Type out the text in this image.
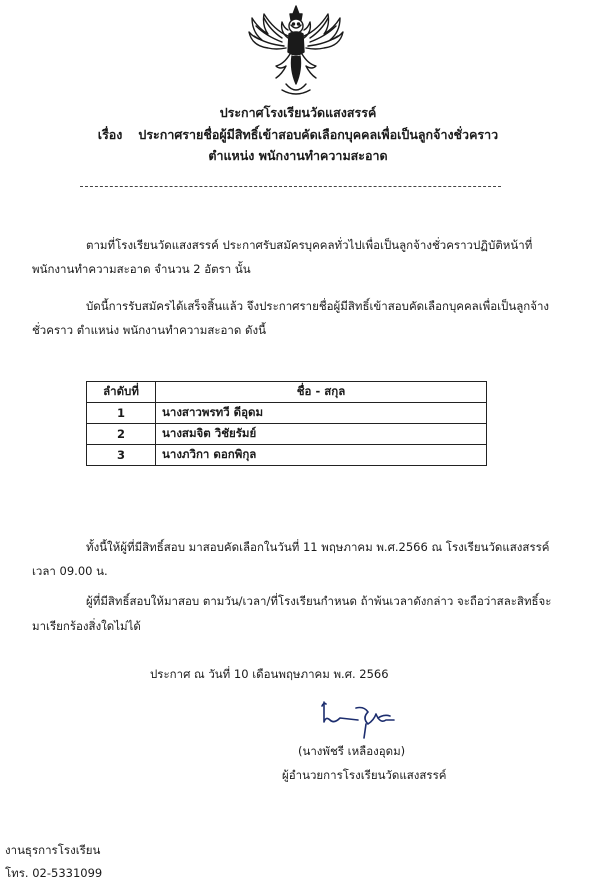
ประกาศโรงเรียนวัดแสงสรรค์
เรื่อง ประกาศรายชื่อผู้มีสิทธิ์เข้าสอบคัดเลือกบุคคลเพื่อเป็นลูกจ้างชั่วคราว
ตำแหน่ง พนักงานทำความสะอาด
ตามที่โรงเรียนวัดแสงสรรค์ ประกาศรับสมัครบุคคลทั่วไปเพื่อเป็นลูกจ้างชั่วคราวปฏิบัติหน้าที่
พนักงานทำความสะอาด จำนวน 2 อัตรา นั้น
บัดนี้การรับสมัครได้เสร็จสิ้นแล้ว จึงประกาศรายชื่อผู้มีสิทธิ์เข้าสอบคัดเลือกบุคคลเพื่อเป็นลูกจ้าง
ชั่วคราว ตำแหน่ง พนักงานทำความสะอาด ดังนี้
ลำดับที่	ชื่อ - สกุล
1	นางสาวพรทวี ดีอุดม
2	นางสมจิต วิชัยรัมย์
3	นางภวิกา ดอกพิกุล
ทั้งนี้ให้ผู้ที่มีสิทธิ์สอบ มาสอบคัดเลือกในวันที่ 11 พฤษภาคม พ.ศ.2566 ณ โรงเรียนวัดแสงสรรค์
เวลา 09.00 น.
ผู้ที่มีสิทธิ์สอบให้มาสอบ ตามวัน/เวลา/ที่โรงเรียนกำหนด ถ้าพ้นเวลาดังกล่าว จะถือว่าสละสิทธิ์จะ
มาเรียกร้องสิ่งใดไม่ได้
ประกาศ ณ วันที่ 10 เดือนพฤษภาคม พ.ศ. 2566
(นางพัชรี เหลืองอุดม)
ผู้อำนวยการโรงเรียนวัดแสงสรรค์
งานธุรการโรงเรียน
โทร. 02-5331099
